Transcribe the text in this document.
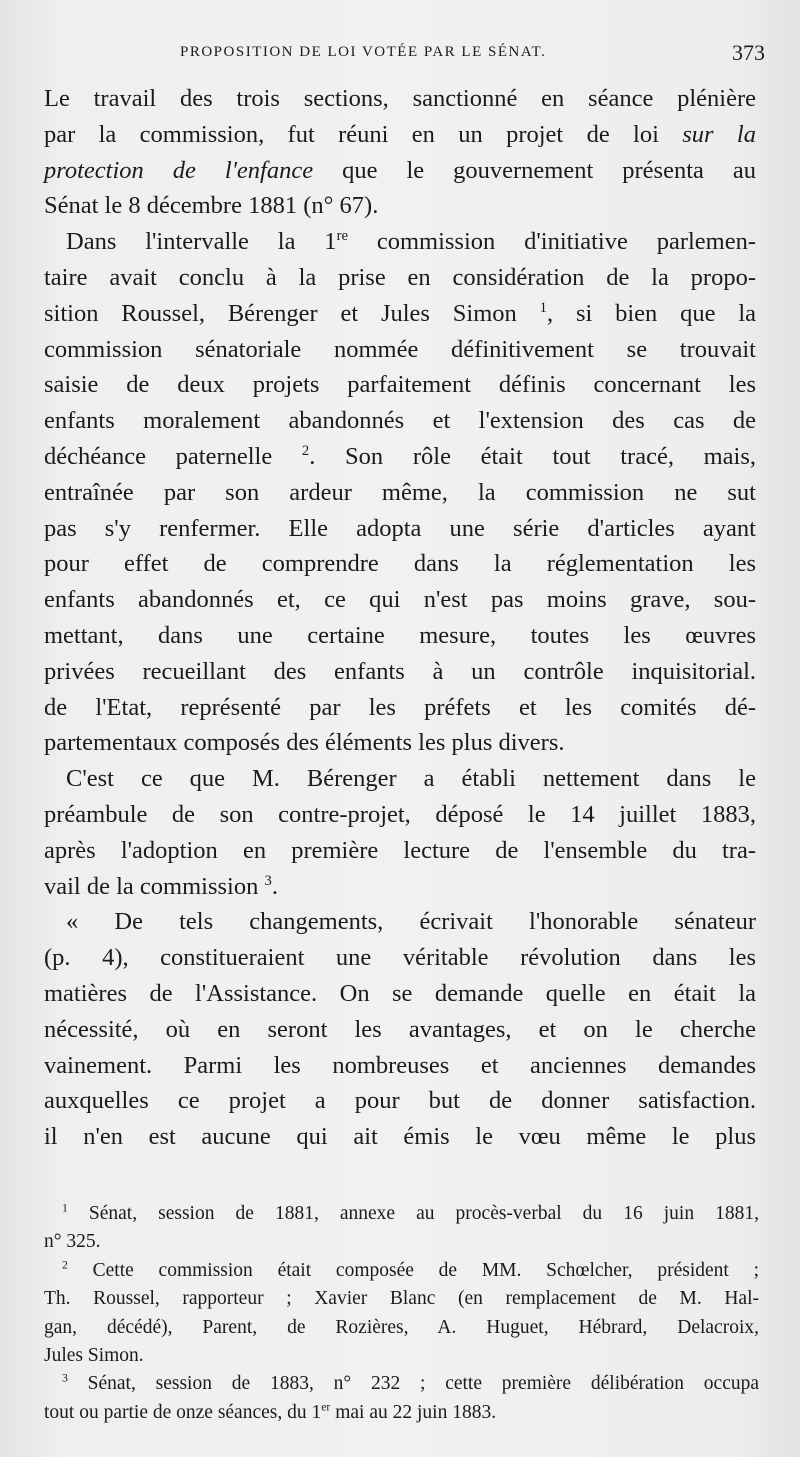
PROPOSITION DE LOI VOTÉE PAR LE SÉNAT.	373

Le travail des trois sections, sanctionné en séance plénière
par la commission, fut réuni en un projet de loi sur la
protection de l'enfance que le gouvernement présenta au
Sénat le 8 décembre 1881 (n° 67).

Dans l'intervalle la 1re commission d'initiative parlemen-
taire avait conclu à la prise en considération de la propo-
sition Roussel, Bérenger et Jules Simon $^1$, si bien que la
commission sénatoriale nommée définitivement se trouvait
saisie de deux projets parfaitement définis concernant les
enfants moralement abandonnés et l'extension des cas de
déchéance paternelle $^2$. Son rôle était tout tracé, mais,
entraînée par son ardeur même, la commission ne sut
pas s'y renfermer. Elle adopta une série d'articles ayant
pour effet de comprendre dans la réglementation les
enfants abandonnés et, ce qui n'est pas moins grave, sou-
mettant, dans une certaine mesure, toutes les œuvres
privées recueillant des enfants à un contrôle inquisitorial.
de l'Etat, représenté par les préfets et les comités dé-
partementaux composés des éléments les plus divers.

C'est ce que M. Bérenger a établi nettement dans le
préambule de son contre-projet, déposé le 14 juillet 1883,
après l'adoption en première lecture de l'ensemble du tra-
vail de la commission $^3$.

« De tels changements, écrivait l'honorable sénateur
(p. 4), constitueraient une véritable révolution dans les
matières de l'Assistance. On se demande quelle en était la
nécessité, où en seront les avantages, et on le cherche
vainement. Parmi les nombreuses et anciennes demandes
auxquelles ce projet a pour but de donner satisfaction.
il n'en est aucune qui ait émis le vœu même le plus

$^1$ Sénat, session de 1881, annexe au procès-verbal du 16 juin 1881,
n° 325.
$^2$ Cette commission était composée de MM. Schœlcher, président ;
Th. Roussel, rapporteur ; Xavier Blanc (en remplacement de M. Hal-
gan, décédé), Parent, de Rozières, A. Huguet, Hébrard, Delacroix,
Jules Simon.
$^3$ Sénat, session de 1883, n° 232 ; cette première délibération occupa
tout ou partie de onze séances, du 1er mai au 22 juin 1883.
